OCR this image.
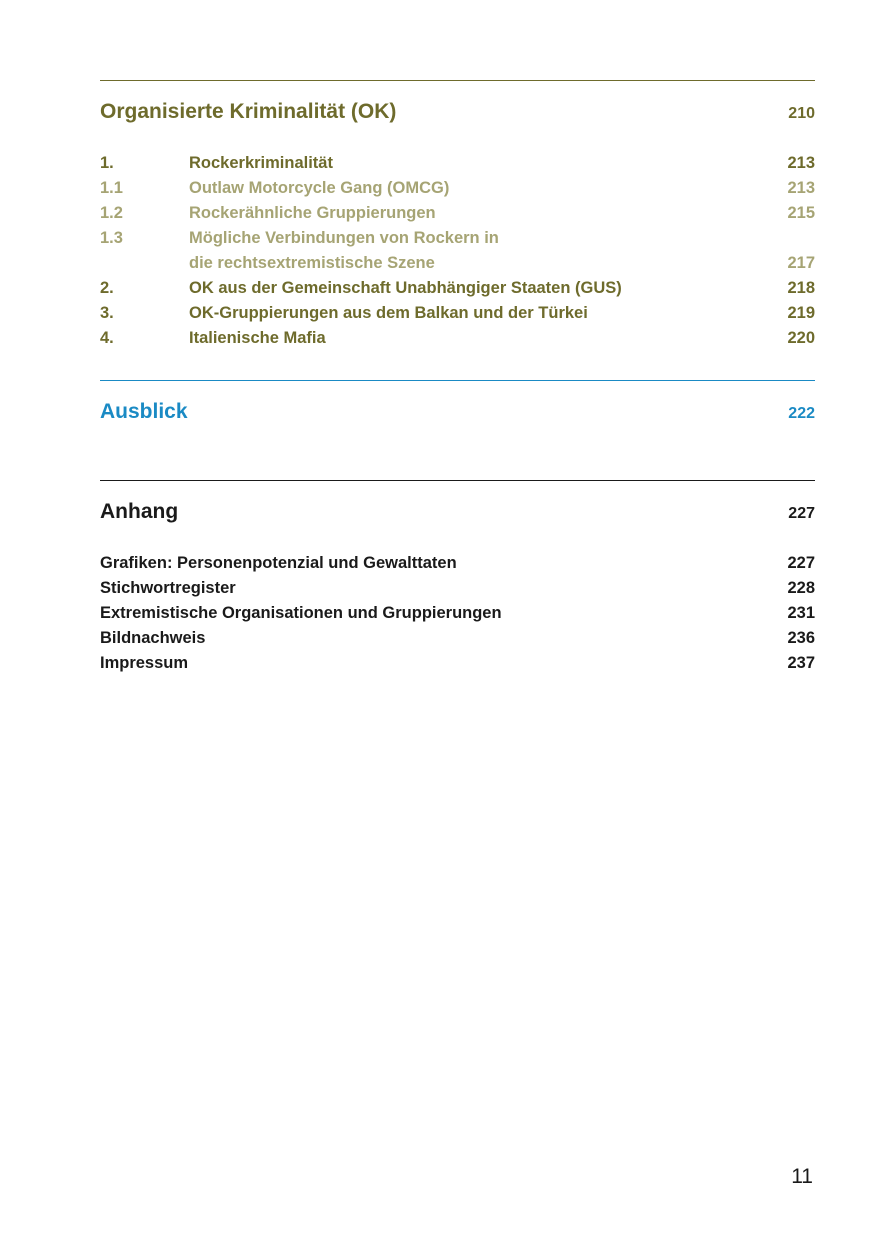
Organisierte Kriminalität (OK)	210
1.	Rockerkriminalität	213
1.1	Outlaw Motorcycle Gang (OMCG)	213
1.2	Rockerähnliche Gruppierungen	215
1.3	Mögliche Verbindungen von Rockern in
die rechtsextremistische Szene	217
2.	OK aus der Gemeinschaft Unabhängiger Staaten (GUS)	218
3.	OK-Gruppierungen aus dem Balkan und der Türkei	219
4.	Italienische Mafia	220
Ausblick	222
Anhang	227
Grafiken: Personenpotenzial und Gewalttaten	227
Stichwortregister	228
Extremistische Organisationen und Gruppierungen	231
Bildnachweis	236
Impressum	237
11
